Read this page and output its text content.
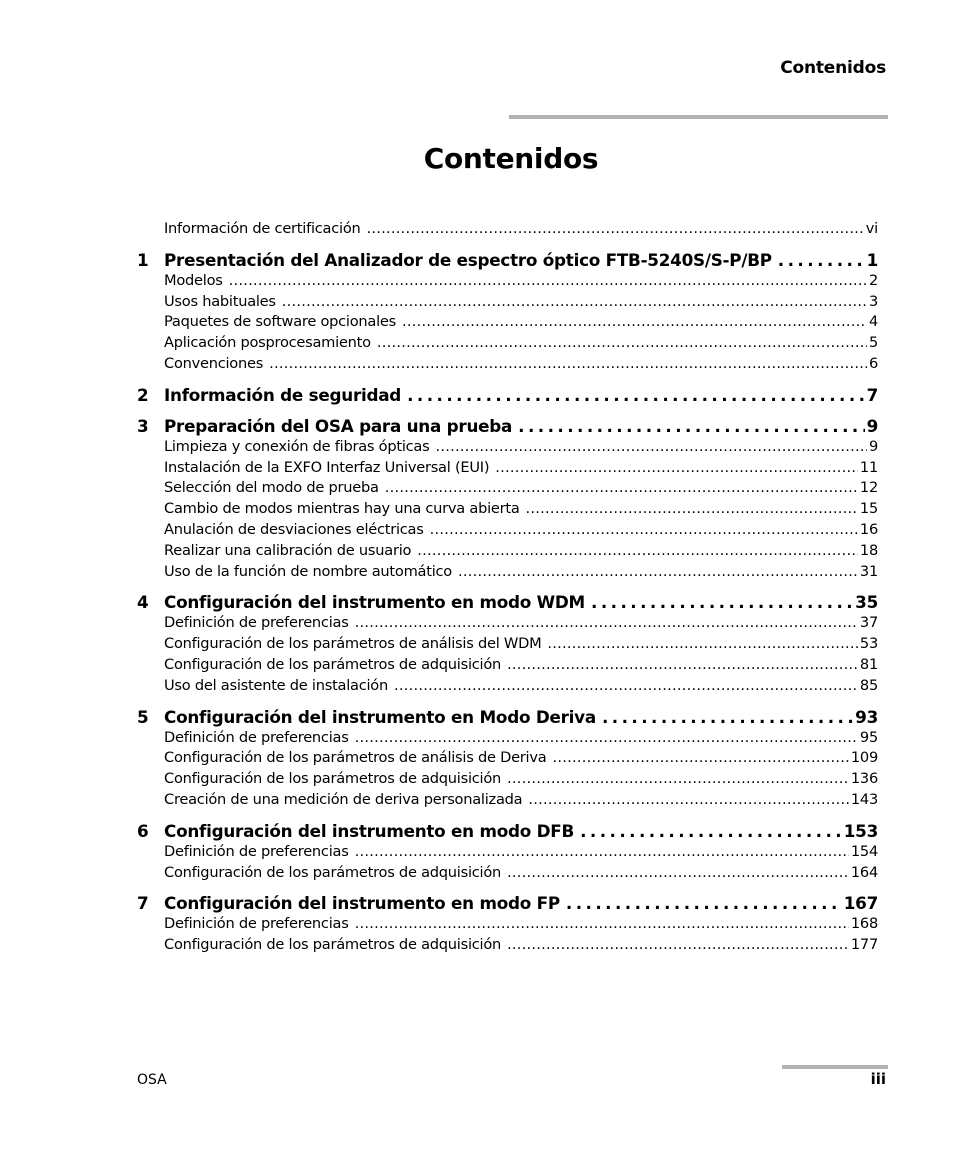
Contenidos
Contenidos
Información de certificación . . .	vi
1 Presentación del Analizador de espectro óptico FTB-5240S/S-P/BP . . .	1
Modelos . . .	2
Usos habituales . . .	3
Paquetes de software opcionales . . .	4
Aplicación posprocesamiento . . .	5
Convenciones . . .	6
2 Información de seguridad . . .	7
3 Preparación del OSA para una prueba . . .	9
Limpieza y conexión de fibras ópticas . . .	9
Instalación de la EXFO Interfaz Universal (EUI) . . .	11
Selección del modo de prueba . . .	12
Cambio de modos mientras hay una curva abierta . . .	15
Anulación de desviaciones eléctricas . . .	16
Realizar una calibración de usuario . . .	18
Uso de la función de nombre automático . . .	31
4 Configuración del instrumento en modo WDM . . .	35
Definición de preferencias . . .	37
Configuración de los parámetros de análisis del WDM . . .	53
Configuración de los parámetros de adquisición . . .	81
Uso del asistente de instalación . . .	85
5 Configuración del instrumento en Modo Deriva . . .	93
Definición de preferencias . . .	95
Configuración de los parámetros de análisis de Deriva . . .	109
Configuración de los parámetros de adquisición . . .	136
Creación de una medición de deriva personalizada . . .	143
6 Configuración del instrumento en modo DFB . . .	153
Definición de preferencias . . .	154
Configuración de los parámetros de adquisición . . .	164
7 Configuración del instrumento en modo FP . . .	167
Definición de preferencias . . .	168
Configuración de los parámetros de adquisición . . .	177
OSA	iii
